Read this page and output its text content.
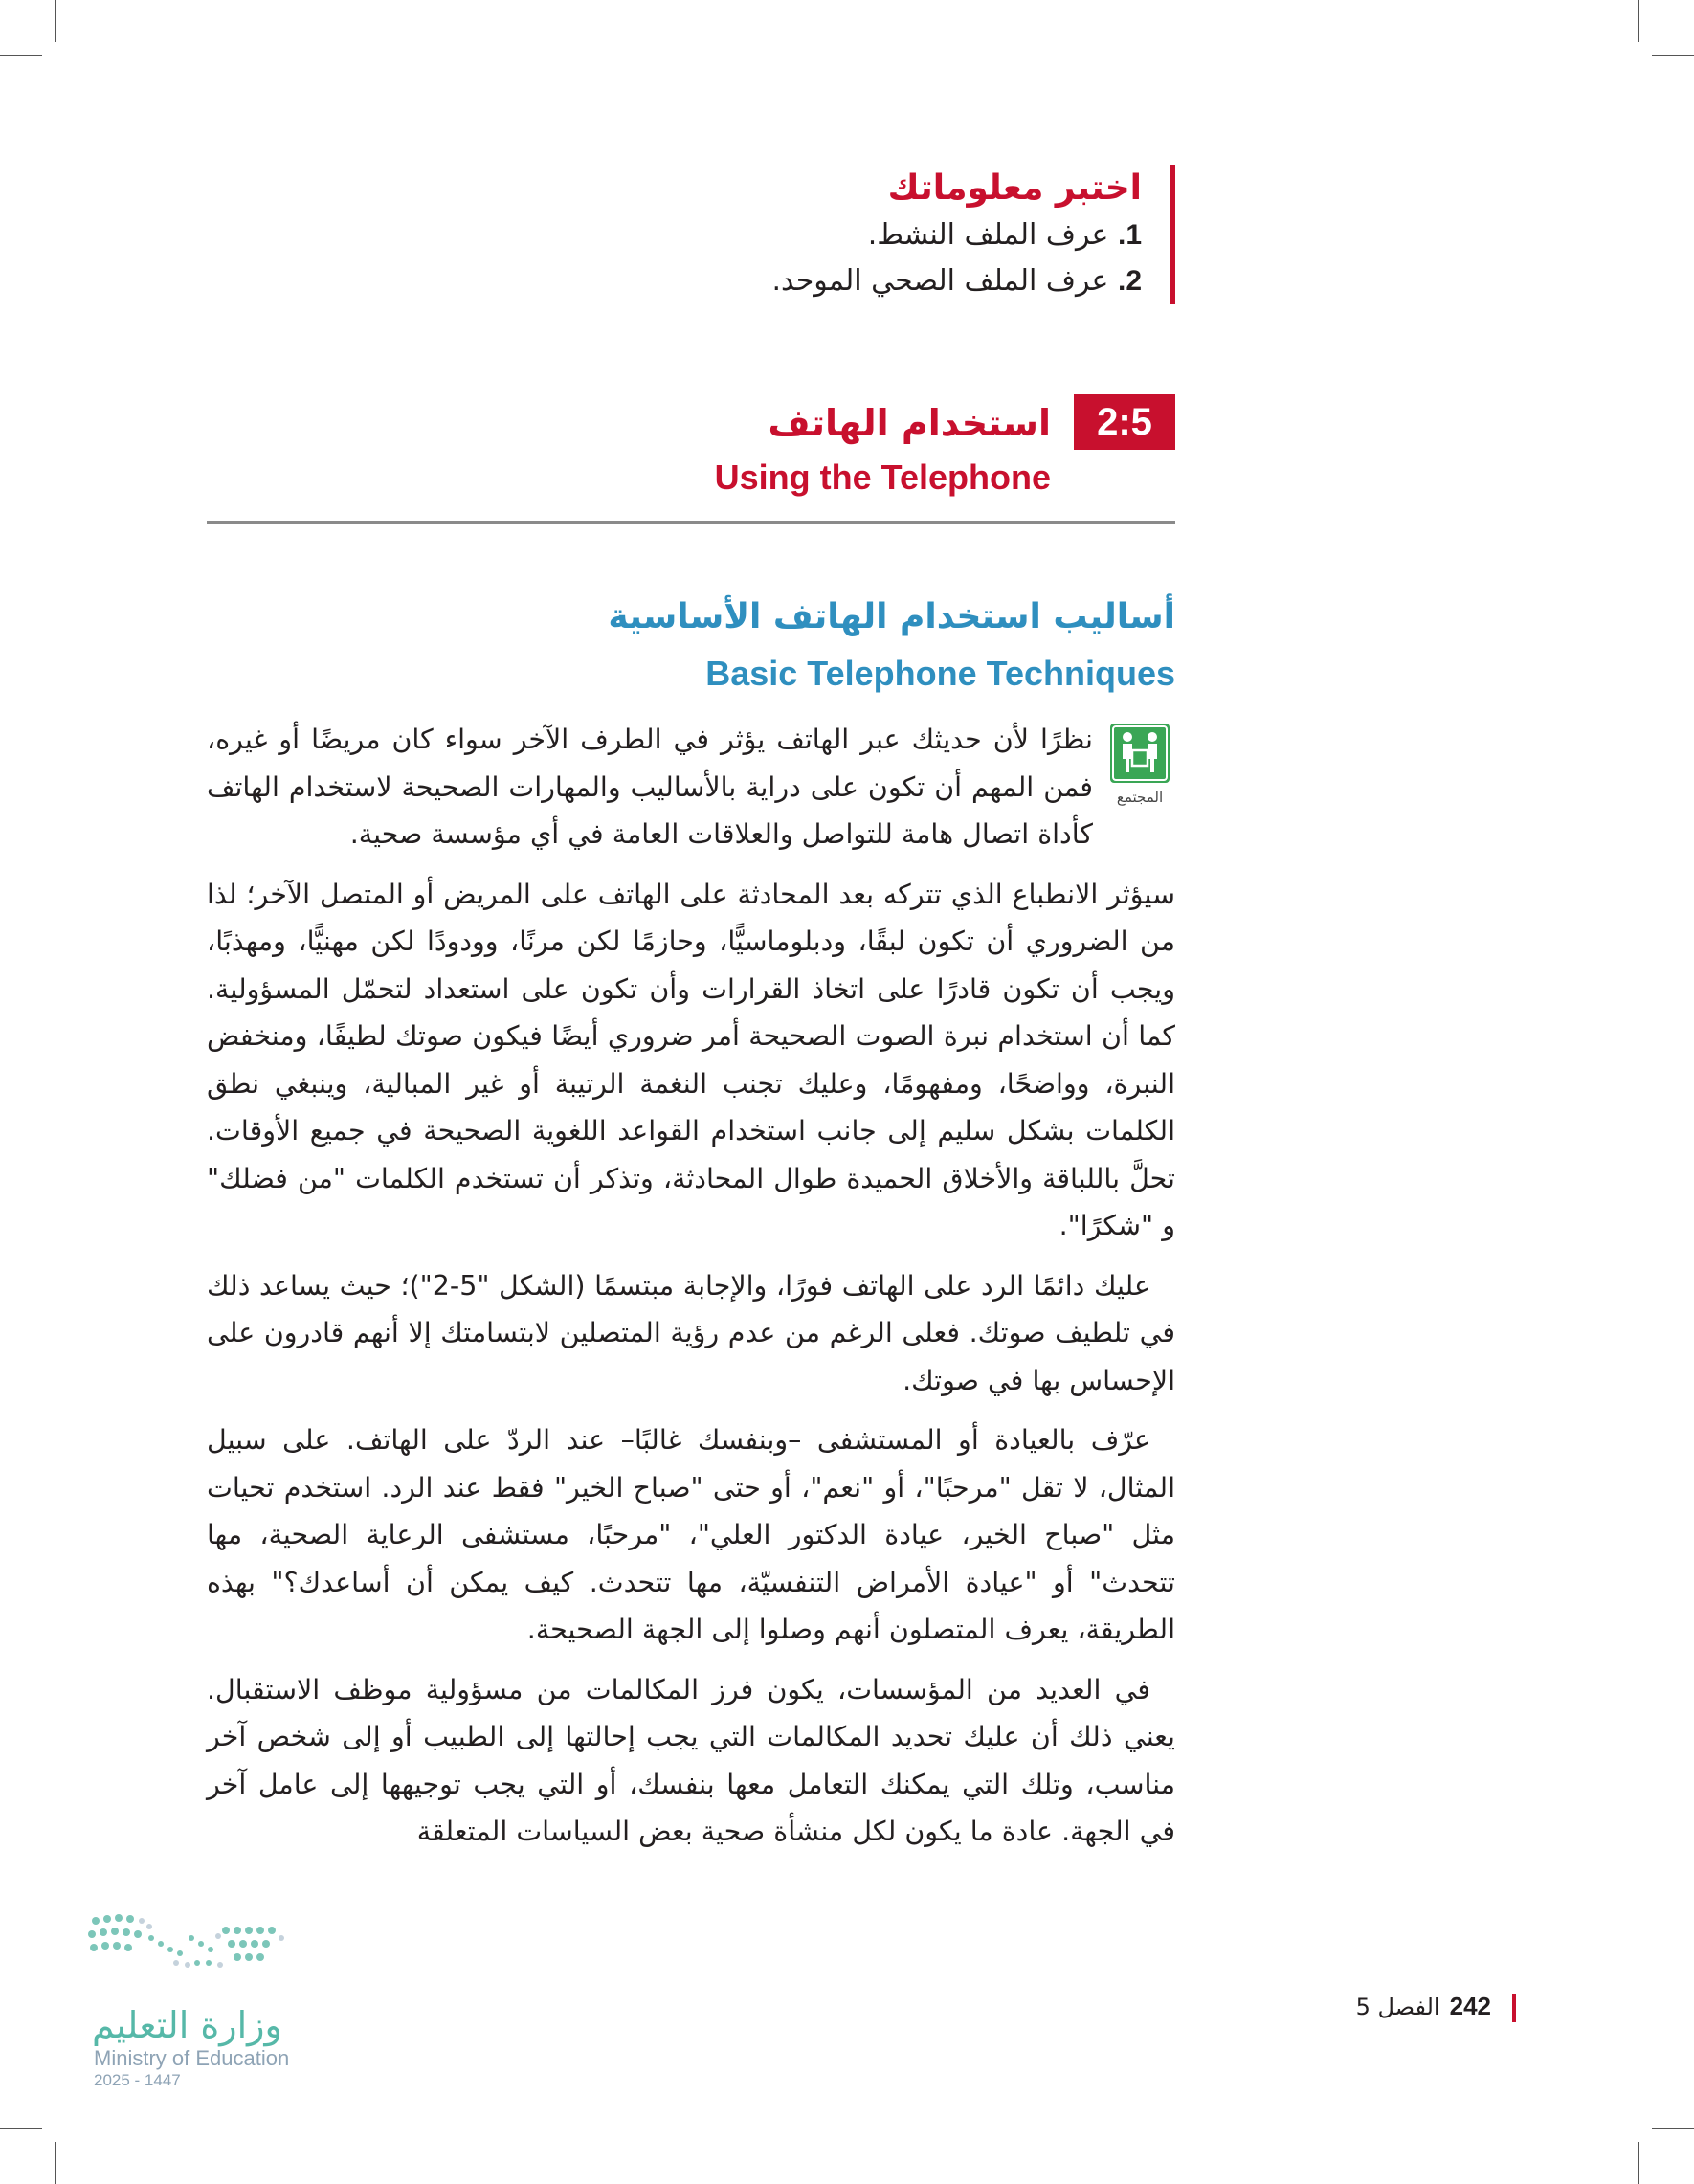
اختبر معلوماتك
1. عرف الملف النشط.
2. عرف الملف الصحي الموحد.
2:5
استخدام الهاتف
Using the Telephone
أساليب استخدام الهاتف الأساسية
Basic Telephone Techniques
المجتمع

نظرًا لأن حديثك عبر الهاتف يؤثر في الطرف الآخر سواء كان مريضًا أو غيره، فمن المهم أن تكون على دراية بالأساليب والمهارات الصحيحة لاستخدام الهاتف كأداة اتصال هامة للتواصل والعلاقات العامة في أي مؤسسة صحية.

سيؤثر الانطباع الذي تتركه بعد المحادثة على الهاتف على المريض أو المتصل الآخر؛ لذا من الضروري أن تكون لبقًا، ودبلوماسيًّا، وحازمًا لكن مرنًا، وودودًا لكن مهنيًّا، ومهذبًا، ويجب أن تكون قادرًا على اتخاذ القرارات وأن تكون على استعداد لتحمّل المسؤولية. كما أن استخدام نبرة الصوت الصحيحة أمر ضروري أيضًا فيكون صوتك لطيفًا، ومنخفض النبرة، وواضحًا، ومفهومًا، وعليك تجنب النغمة الرتيبة أو غير المبالية، وينبغي نطق الكلمات بشكل سليم إلى جانب استخدام القواعد اللغوية الصحيحة في جميع الأوقات. تحلَّ باللباقة والأخلاق الحميدة طوال المحادثة، وتذكر أن تستخدم الكلمات "من فضلك" و "شكرًا".

عليك دائمًا الرد على الهاتف فورًا، والإجابة مبتسمًا (الشكل "5-2")؛ حيث يساعد ذلك في تلطيف صوتك. فعلى الرغم من عدم رؤية المتصلين لابتسامتك إلا أنهم قادرون على الإحساس بها في صوتك.

عرّف بالعيادة أو المستشفى –وبنفسك غالبًا– عند الردّ على الهاتف. على سبيل المثال، لا تقل "مرحبًا"، أو "نعم"، أو حتى "صباح الخير" فقط عند الرد. استخدم تحيات مثل "صباح الخير، عيادة الدكتور العلي"، "مرحبًا، مستشفى الرعاية الصحية، مها تتحدث" أو "عيادة الأمراض التنفسيّة، مها تتحدث. كيف يمكن أن أساعدك؟" بهذه الطريقة، يعرف المتصلون أنهم وصلوا إلى الجهة الصحيحة.

في العديد من المؤسسات، يكون فرز المكالمات من مسؤولية موظف الاستقبال. يعني ذلك أن عليك تحديد المكالمات التي يجب إحالتها إلى الطبيب أو إلى شخص آخر مناسب، وتلك التي يمكنك التعامل معها بنفسك، أو التي يجب توجيهها إلى عامل آخر في الجهة. عادة ما يكون لكل منشأة صحية بعض السياسات المتعلقة

وزارة التعليم
Ministry of Education
2025 - 1447
242الفصل 5
